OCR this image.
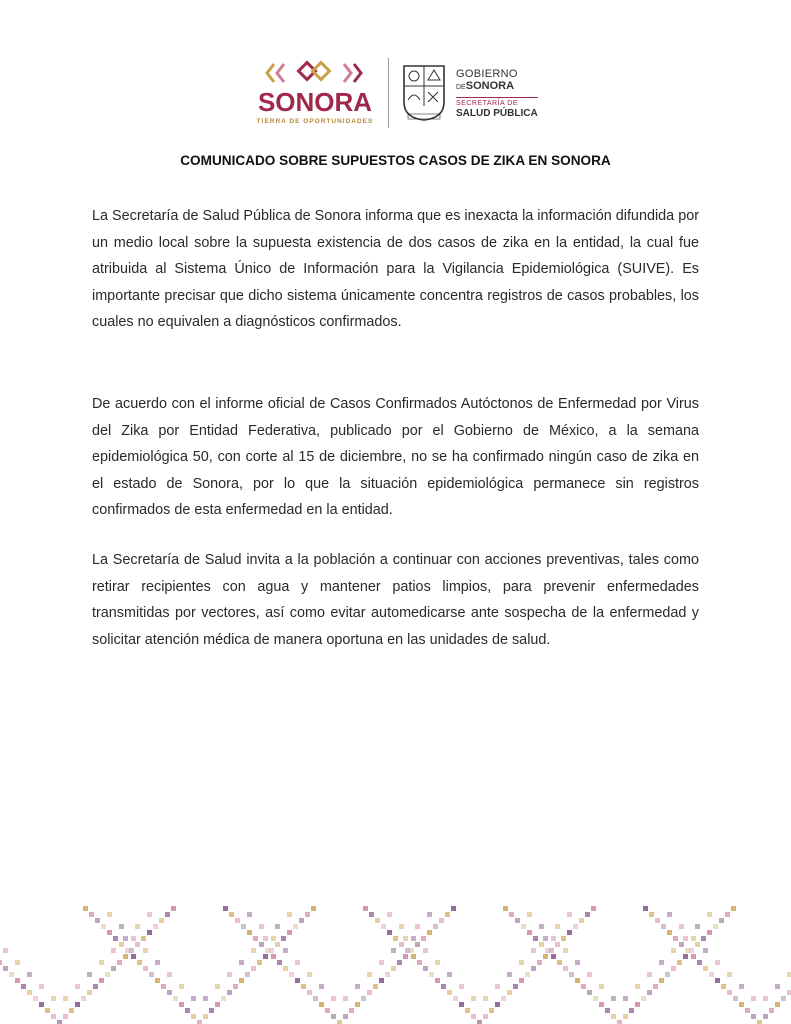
SONORA
TIERRA DE OPORTUNIDADES
GOBIERNO
DESONORA
SECRETARÍA DE
SALUD PÚBLICA
COMUNICADO SOBRE SUPUESTOS CASOS DE ZIKA EN SONORA

La Secretaría de Salud Pública de Sonora informa que es inexacta la información difundida por un medio local sobre la supuesta existencia de dos casos de zika en la entidad, la cual fue atribuida al Sistema Único de Información para la Vigilancia Epidemiológica (SUIVE). Es importante precisar que dicho sistema únicamente concentra registros de casos probables, los cuales no equivalen a diagnósticos confirmados.

De acuerdo con el informe oficial de Casos Confirmados Autóctonos de Enfermedad por Virus del Zika por Entidad Federativa, publicado por el Gobierno de México, a la semana epidemiológica 50, con corte al 15 de diciembre, no se ha confirmado ningún caso de zika en el estado de Sonora, por lo que la situación epidemiológica permanece sin registros confirmados de esta enfermedad en la entidad.

La Secretaría de Salud invita a la población a continuar con acciones preventivas, tales como retirar recipientes con agua y mantener patios limpios, para prevenir enfermedades transmitidas por vectores, así como evitar automedicarse ante sospecha de la enfermedad y solicitar atención médica de manera oportuna en las unidades de salud.
